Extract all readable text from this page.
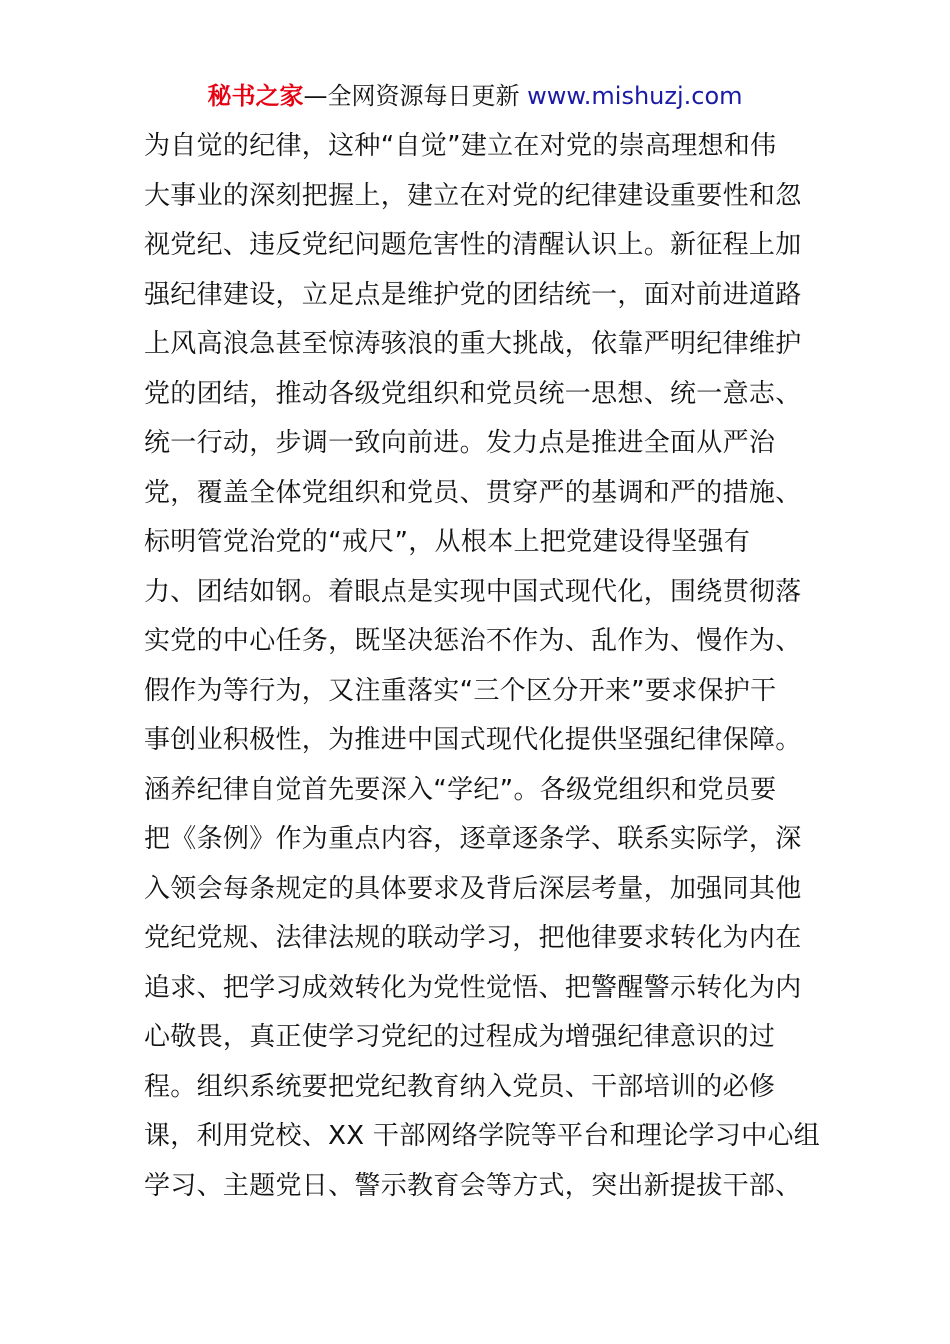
秘书之家—全网资源每日更新 www.mishuzj.com
为自觉的纪律，这种“自觉”建立在对党的崇高理想和伟
大事业的深刻把握上，建立在对党的纪律建设重要性和忽
视党纪、违反党纪问题危害性的清醒认识上。新征程上加
强纪律建设，立足点是维护党的团结统一，面对前进道路
上风高浪急甚至惊涛骇浪的重大挑战，依靠严明纪律维护
党的团结，推动各级党组织和党员统一思想、统一意志、
统一行动，步调一致向前进。发力点是推进全面从严治
党，覆盖全体党组织和党员、贯穿严的基调和严的措施、
标明管党治党的“戒尺”，从根本上把党建设得坚强有
力、团结如钢。着眼点是实现中国式现代化，围绕贯彻落
实党的中心任务，既坚决惩治不作为、乱作为、慢作为、
假作为等行为，又注重落实“三个区分开来”要求保护干
事创业积极性，为推进中国式现代化提供坚强纪律保障。
涵养纪律自觉首先要深入“学纪”。各级党组织和党员要
把《条例》作为重点内容，逐章逐条学、联系实际学，深
入领会每条规定的具体要求及背后深层考量，加强同其他
党纪党规、法律法规的联动学习，把他律要求转化为内在
追求、把学习成效转化为党性觉悟、把警醒警示转化为内
心敬畏，真正使学习党纪的过程成为增强纪律意识的过
程。组织系统要把党纪教育纳入党员、干部培训的必修
课，利用党校、XX 干部网络学院等平台和理论学习中心组
学习、主题党日、警示教育会等方式，突出新提拔干部、
